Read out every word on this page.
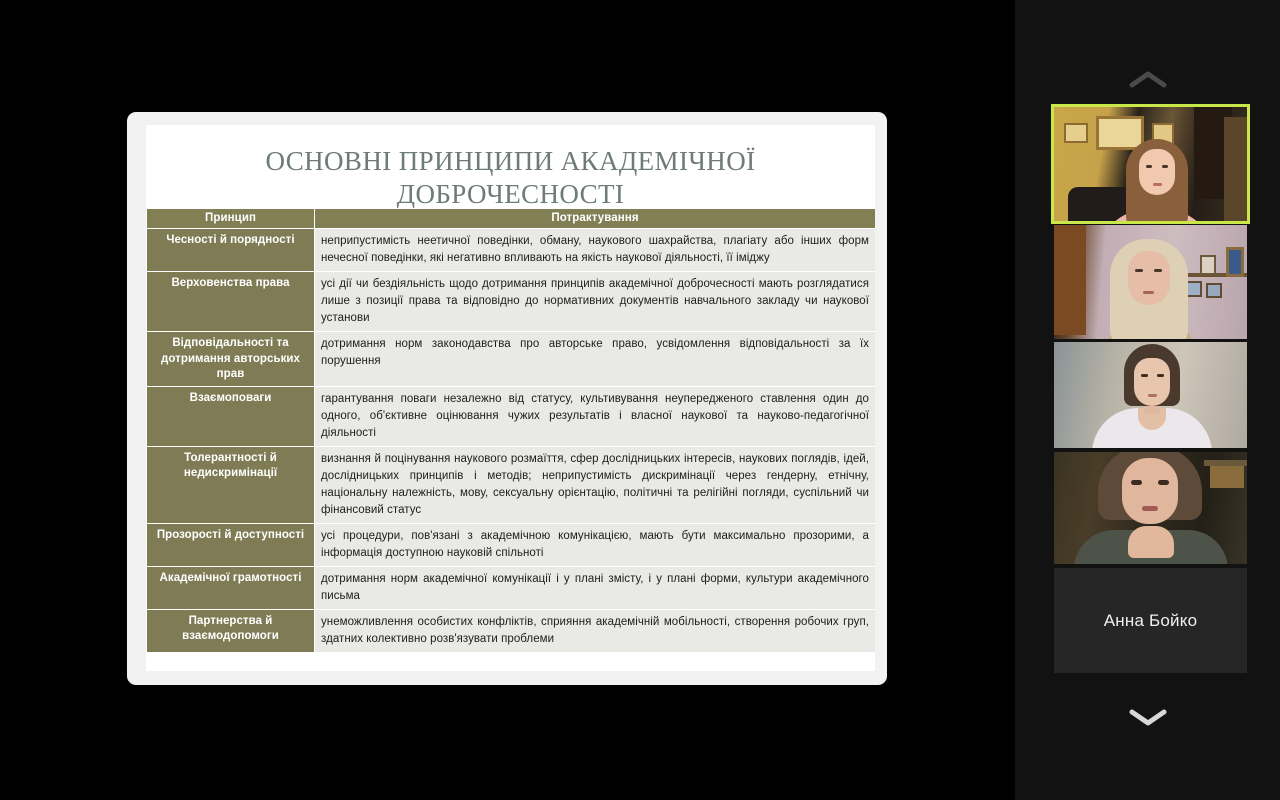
ОСНОВНІ ПРИНЦИПИ АКАДЕМІЧНОЇ ДОБРОЧЕСНОСТІ
Принцип	Потрактування
Чесності й порядності	неприпустимість неетичної поведінки, обману, наукового шахрайства, плагіату або інших форм нечесної поведінки, які негативно впливають на якість наукової діяльності, її іміджу
Верховенства права	усі дії чи бездіяльність щодо дотримання принципів академічної доброчесності мають розглядатися лише з позиції права та відповідно до нормативних документів навчального закладу чи наукової установи
Відповідальності та дотримання авторських прав	дотримання норм законодавства про авторське право, усвідомлення відповідальності за їх порушення
Взаємоповаги	гарантування поваги незалежно від статусу, культивування неупередженого ставлення один до одного, об'єктивне оцінювання чужих результатів і власної наукової та науково-педагогічної діяльності
Толерантності й недискримінації	визнання й поцінування наукового розмаїття, сфер дослідницьких інтересів, наукових поглядів, ідей, дослідницьких принципів і методів; неприпустимість дискримінації через гендерну, етнічну, національну належність, мову, сексуальну орієнтацію, політичні та релігійні погляди, суспільний чи фінансовий статус
Прозорості й доступності	усі процедури, пов'язані з академічною комунікацією, мають бути максимально прозорими, а інформація доступною науковій спільноті
Академічної грамотності	дотримання норм академічної комунікації і у плані змісту, і у плані форми, культури академічного письма
Партнерства й взаємодопомоги	унеможливлення особистих конфліктів, сприяння академічній мобільності, створення робочих груп, здатних колективно розв'язувати проблеми
Анна Бойко
